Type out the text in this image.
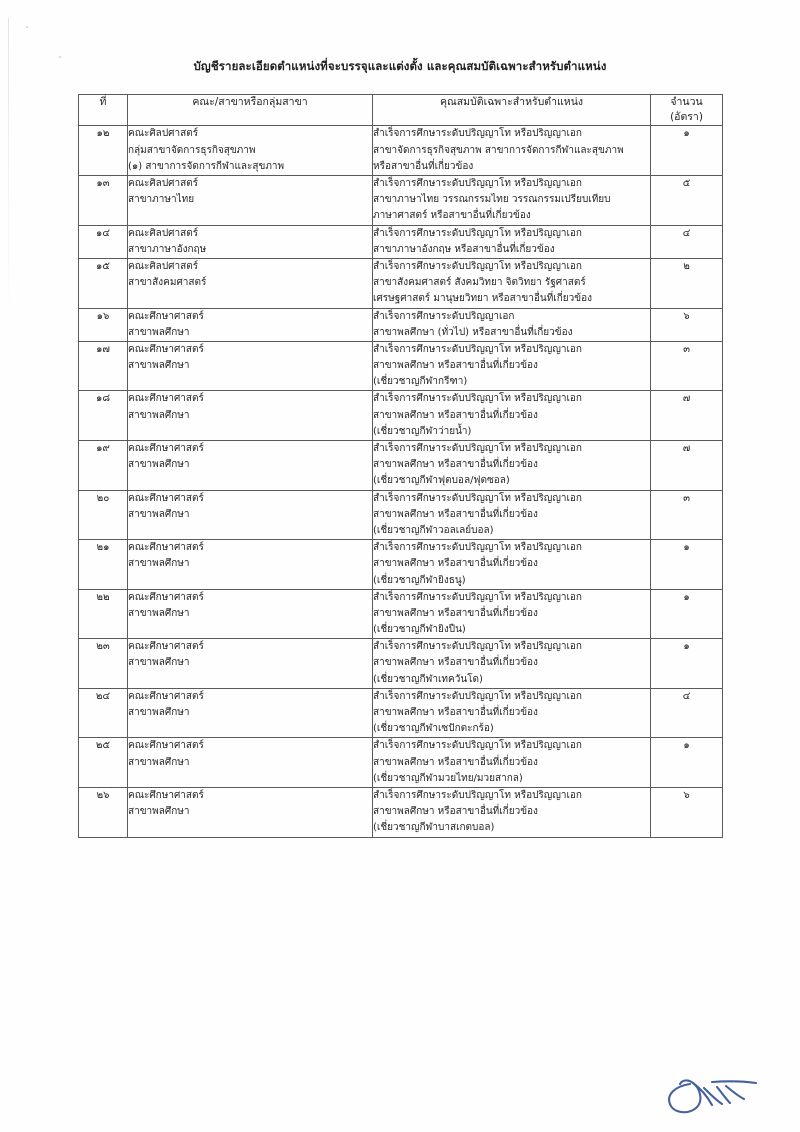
บัญชีรายละเอียดตำแหน่งที่จะบรรจุและแต่งตั้ง และคุณสมบัติเฉพาะสำหรับตำแหน่ง
ที่	คณะ/สาขาหรือกลุ่มสาขา	คุณสมบัติเฉพาะสำหรับตำแหน่ง	จำนวน
(อัตรา)

๑๒	คณะศิลปศาสตร์
กลุ่มสาขาจัดการธุรกิจสุขภาพ
(๑) สาขาการจัดการกีฬาและสุขภาพ	สำเร็จการศึกษาระดับปริญญาโท หรือปริญญาเอก
สาขาจัดการธุรกิจสุขภาพ สาขาการจัดการกีฬาและสุขภาพ
หรือสาขาอื่นที่เกี่ยวข้อง	๑
๑๓	คณะศิลปศาสตร์
สาขาภาษาไทย	สำเร็จการศึกษาระดับปริญญาโท หรือปริญญาเอก
สาขาภาษาไทย วรรณกรรมไทย วรรณกรรมเปรียบเทียบ
ภาษาศาสตร์ หรือสาขาอื่นที่เกี่ยวข้อง	๕
๑๔	คณะศิลปศาสตร์
สาขาภาษาอังกฤษ	สำเร็จการศึกษาระดับปริญญาโท หรือปริญญาเอก
สาขาภาษาอังกฤษ หรือสาขาอื่นที่เกี่ยวข้อง	๔
๑๕	คณะศิลปศาสตร์
สาขาสังคมศาสตร์	สำเร็จการศึกษาระดับปริญญาโท หรือปริญญาเอก
สาขาสังคมศาสตร์ สังคมวิทยา จิตวิทยา รัฐศาสตร์
เศรษฐศาสตร์ มานุษยวิทยา หรือสาขาอื่นที่เกี่ยวข้อง	๒
๑๖	คณะศึกษาศาสตร์
สาขาพลศึกษา	สำเร็จการศึกษาระดับปริญญาเอก
สาขาพลศึกษา (ทั่วไป) หรือสาขาอื่นที่เกี่ยวข้อง	๖
๑๗	คณะศึกษาศาสตร์
สาขาพลศึกษา	สำเร็จการศึกษาระดับปริญญาโท หรือปริญญาเอก
สาขาพลศึกษา หรือสาขาอื่นที่เกี่ยวข้อง
(เชี่ยวชาญกีฬากรีฑา)	๓
๑๘	คณะศึกษาศาสตร์
สาขาพลศึกษา	สำเร็จการศึกษาระดับปริญญาโท หรือปริญญาเอก
สาขาพลศึกษา หรือสาขาอื่นที่เกี่ยวข้อง
(เชี่ยวชาญกีฬาว่ายน้ำ)	๗
๑๙	คณะศึกษาศาสตร์
สาขาพลศึกษา	สำเร็จการศึกษาระดับปริญญาโท หรือปริญญาเอก
สาขาพลศึกษา หรือสาขาอื่นที่เกี่ยวข้อง
(เชี่ยวชาญกีฬาฟุตบอล/ฟุตซอล)	๗
๒๐	คณะศึกษาศาสตร์
สาขาพลศึกษา	สำเร็จการศึกษาระดับปริญญาโท หรือปริญญาเอก
สาขาพลศึกษา หรือสาขาอื่นที่เกี่ยวข้อง
(เชี่ยวชาญกีฬาวอลเลย์บอล)	๓
๒๑	คณะศึกษาศาสตร์
สาขาพลศึกษา	สำเร็จการศึกษาระดับปริญญาโท หรือปริญญาเอก
สาขาพลศึกษา หรือสาขาอื่นที่เกี่ยวข้อง
(เชี่ยวชาญกีฬายิงธนู)	๑
๒๒	คณะศึกษาศาสตร์
สาขาพลศึกษา	สำเร็จการศึกษาระดับปริญญาโท หรือปริญญาเอก
สาขาพลศึกษา หรือสาขาอื่นที่เกี่ยวข้อง
(เชี่ยวชาญกีฬายิงปืน)	๑
๒๓	คณะศึกษาศาสตร์
สาขาพลศึกษา	สำเร็จการศึกษาระดับปริญญาโท หรือปริญญาเอก
สาขาพลศึกษา หรือสาขาอื่นที่เกี่ยวข้อง
(เชี่ยวชาญกีฬาเทควันโด)	๑
๒๔	คณะศึกษาศาสตร์
สาขาพลศึกษา	สำเร็จการศึกษาระดับปริญญาโท หรือปริญญาเอก
สาขาพลศึกษา หรือสาขาอื่นที่เกี่ยวข้อง
(เชี่ยวชาญกีฬาเซปักตะกร้อ)	๔
๒๕	คณะศึกษาศาสตร์
สาขาพลศึกษา	สำเร็จการศึกษาระดับปริญญาโท หรือปริญญาเอก
สาขาพลศึกษา หรือสาขาอื่นที่เกี่ยวข้อง
(เชี่ยวชาญกีฬามวยไทย/มวยสากล)	๑
๒๖	คณะศึกษาศาสตร์
สาขาพลศึกษา	สำเร็จการศึกษาระดับปริญญาโท หรือปริญญาเอก
สาขาพลศึกษา หรือสาขาอื่นที่เกี่ยวข้อง
(เชี่ยวชาญกีฬาบาสเกตบอล)	๖
